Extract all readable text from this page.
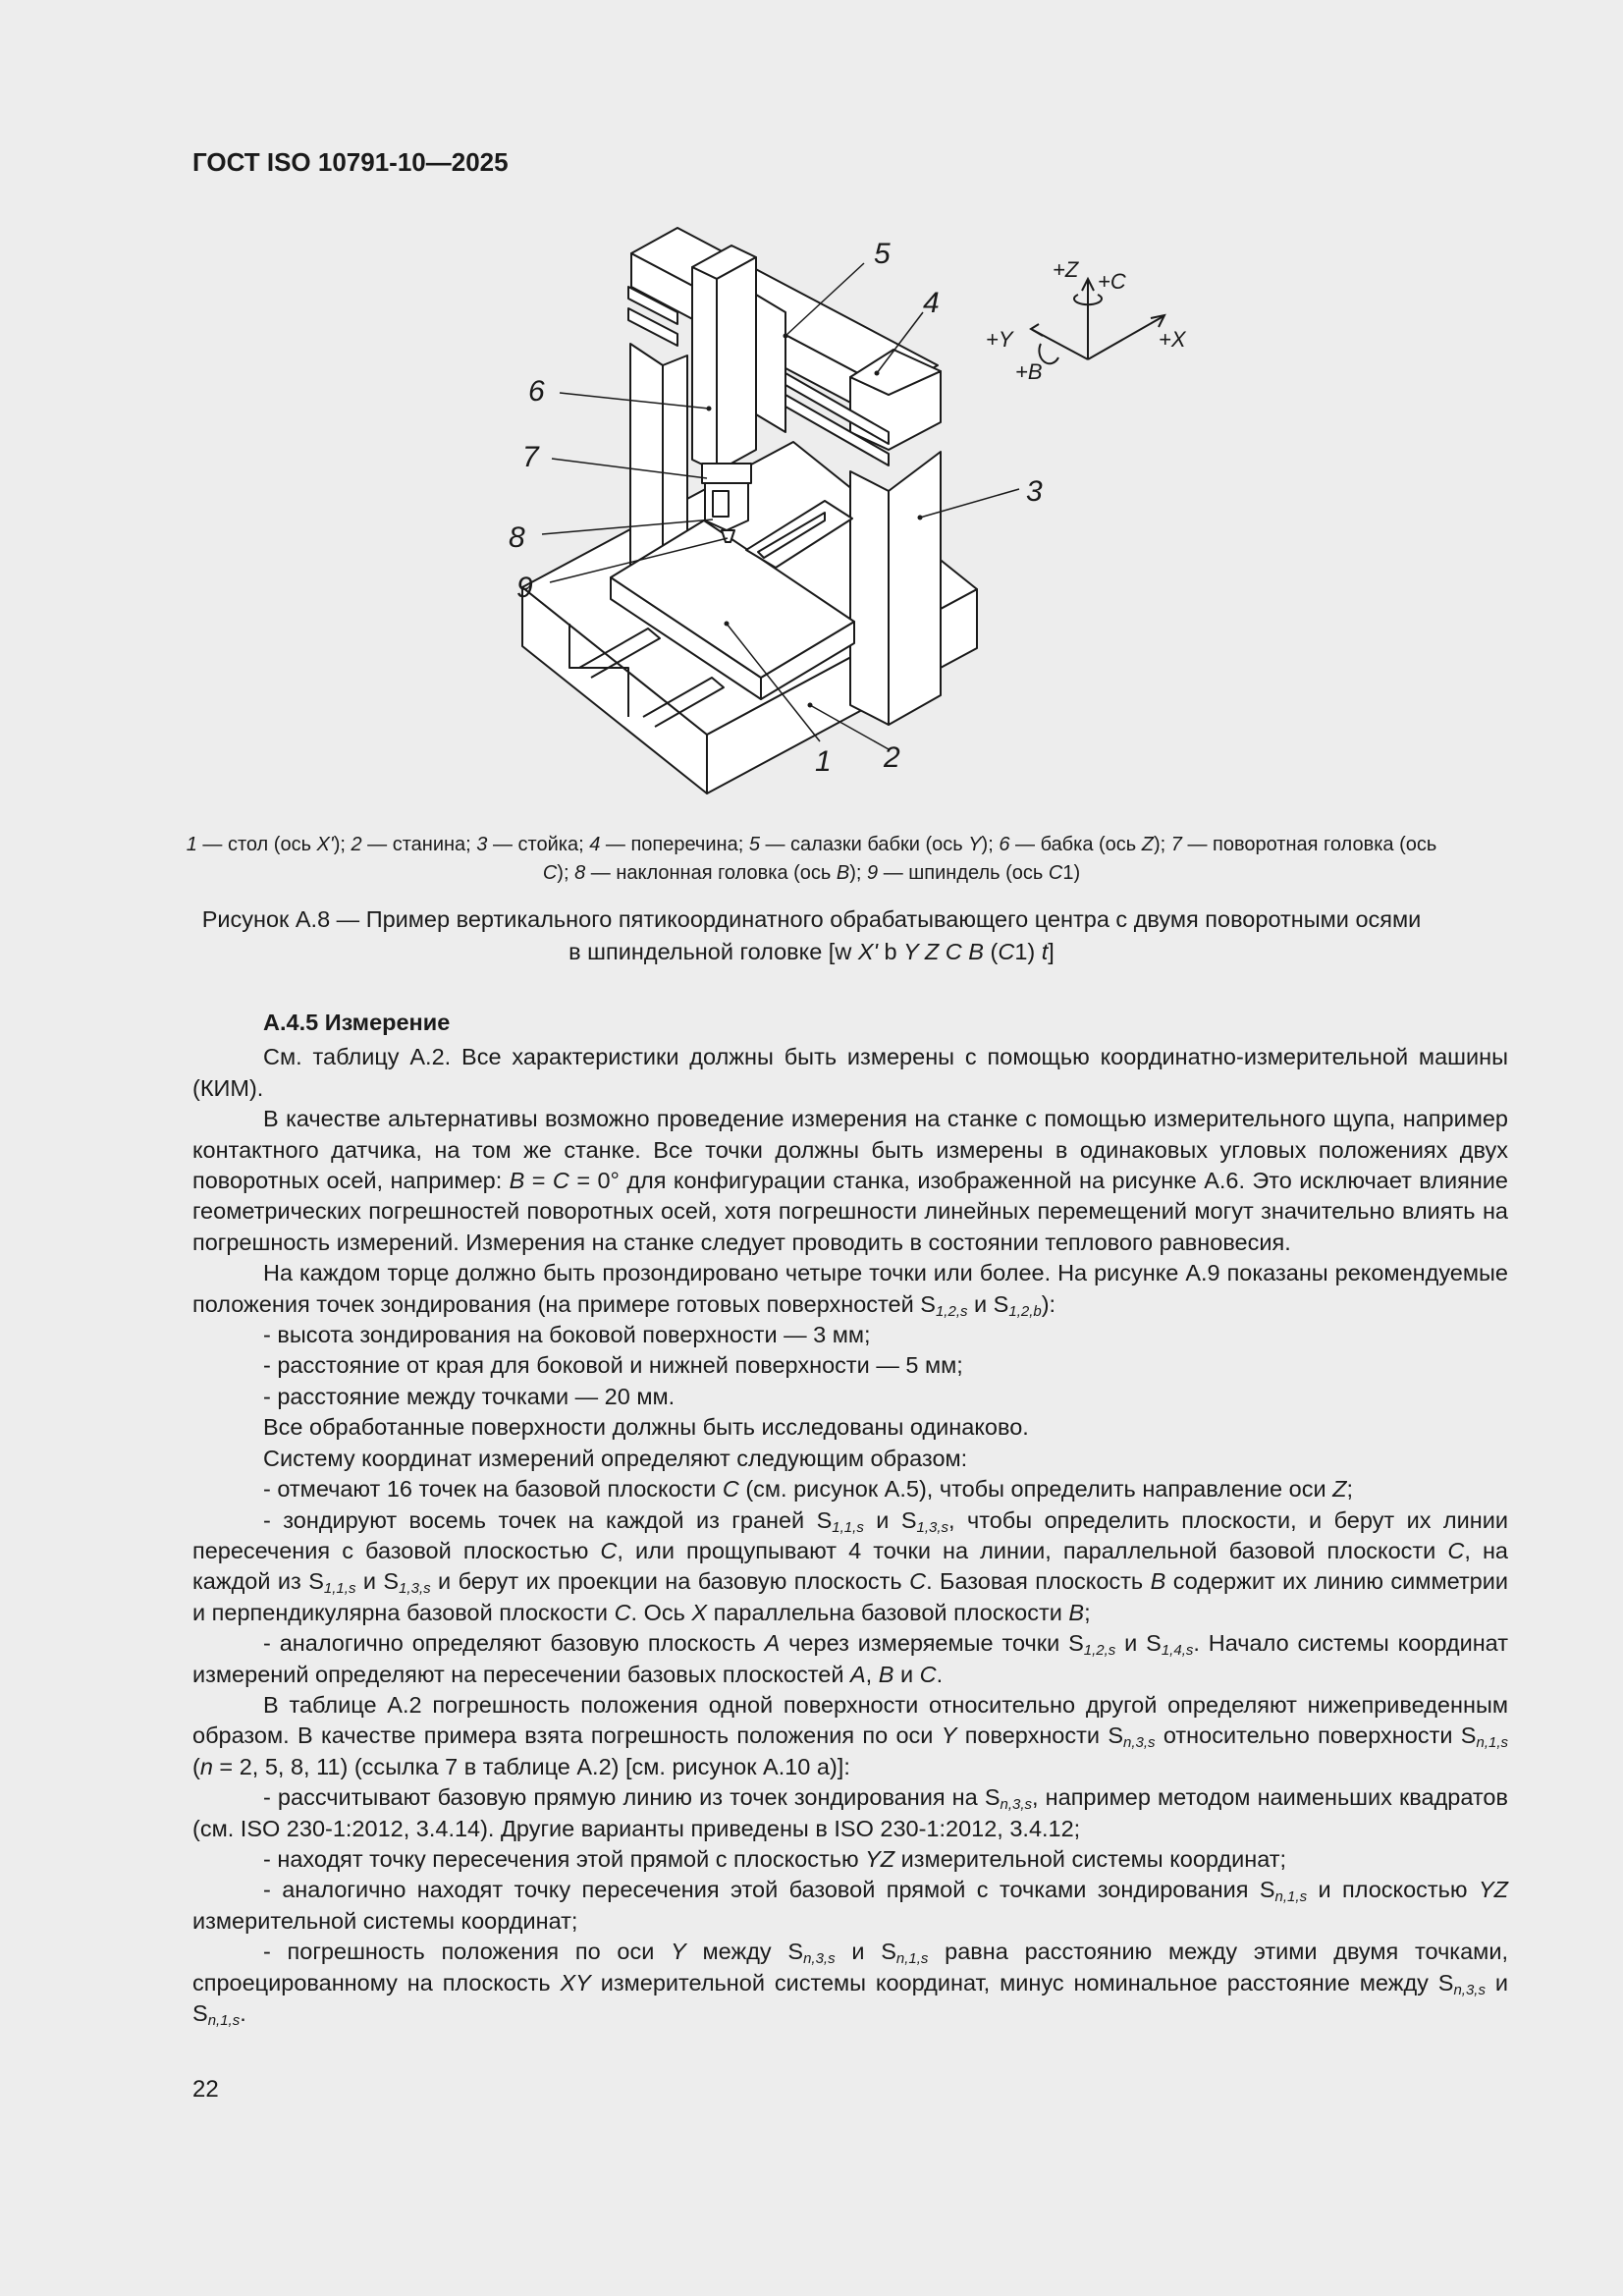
ГОСТ ISO 10791-10—2025
1 2
3
4
5
6
7
8
9
+Z +C
+Y	+X
+B
1 — стол (ось X'); 2 — станина; 3 — стойка; 4 — поперечина; 5 — салазки бабки (ось Y); 6 — бабка (ось Z); 7 — поворотная головка (ось C); 8 — наклонная головка (ось B); 9 — шпиндель (ось C1)
Рисунок А.8 — Пример вертикального пятикоординатного обрабатывающего центра с двумя поворотными осями
в шпиндельной головке [w X' b Y Z C B (C1) t]

А.4.5 Измерение

См. таблицу А.2. Все характеристики должны быть измерены с помощью координатно-измерительной машины (КИМ).

В качестве альтернативы возможно проведение измерения на станке с помощью измерительного щупа, например контактного датчика, на том же станке. Все точки должны быть измерены в одинаковых угловых положениях двух поворотных осей, например: B = C = 0° для конфигурации станка, изображенной на рисунке А.6. Это исключает влияние геометрических погрешностей поворотных осей, хотя погрешности линейных перемещений могут значительно влиять на погрешность измерений. Измерения на станке следует проводить в состоянии теплового равновесия.

На каждом торце должно быть прозондировано четыре точки или более. На рисунке А.9 показаны рекомендуемые положения точек зондирования (на примере готовых поверхностей $S_{1,2,s}$ и $S_{1,2,b}$):

- высота зондирования на боковой поверхности — 3 мм;

- расстояние от края для боковой и нижней поверхности — 5 мм;

- расстояние между точками — 20 мм.

Все обработанные поверхности должны быть исследованы одинаково.

Систему координат измерений определяют следующим образом:

- отмечают 16 точек на базовой плоскости C (см. рисунок А.5), чтобы определить направление оси Z;

- зондируют восемь точек на каждой из граней $S_{1,1,s}$ и $S_{1,3,s}$, чтобы определить плоскости, и берут их линии пересечения с базовой плоскостью C, или прощупывают 4 точки на линии, параллельной базовой плоскости C, на каждой из $S_{1,1,s}$ и $S_{1,3,s}$ и берут их проекции на базовую плоскость C. Базовая плоскость B содержит их линию симметрии и перпендикулярна базовой плоскости C. Ось X параллельна базовой плоскости B;

- аналогично определяют базовую плоскость A через измеряемые точки $S_{1,2,s}$ и $S_{1,4,s}$. Начало системы координат измерений определяют на пересечении базовых плоскостей A, B и C.

В таблице А.2 погрешность положения одной поверхности относительно другой определяют нижеприведенным образом. В качестве примера взята погрешность положения по оси Y поверхности $S_{n,3,s}$ относительно поверхности $S_{n,1,s}$ (n = 2, 5, 8, 11) (ссылка 7 в таблице А.2) [см. рисунок А.10 а)]:

- рассчитывают базовую прямую линию из точек зондирования на $S_{n,3,s}$, например методом наименьших квадратов (см. ISO 230-1:2012, 3.4.14). Другие варианты приведены в ISO 230-1:2012, 3.4.12;

- находят точку пересечения этой прямой с плоскостью YZ измерительной системы координат;

- аналогично находят точку пересечения этой базовой прямой с точками зондирования $S_{n,1,s}$ и плоскостью YZ измерительной системы координат;

- погрешность положения по оси Y между $S_{n,3,s}$ и $S_{n,1,s}$ равна расстоянию между этими двумя точками, спроецированному на плоскость XY измерительной системы координат, минус номинальное расстояние между $S_{n,3,s}$ и $S_{n,1,s}$.

22
